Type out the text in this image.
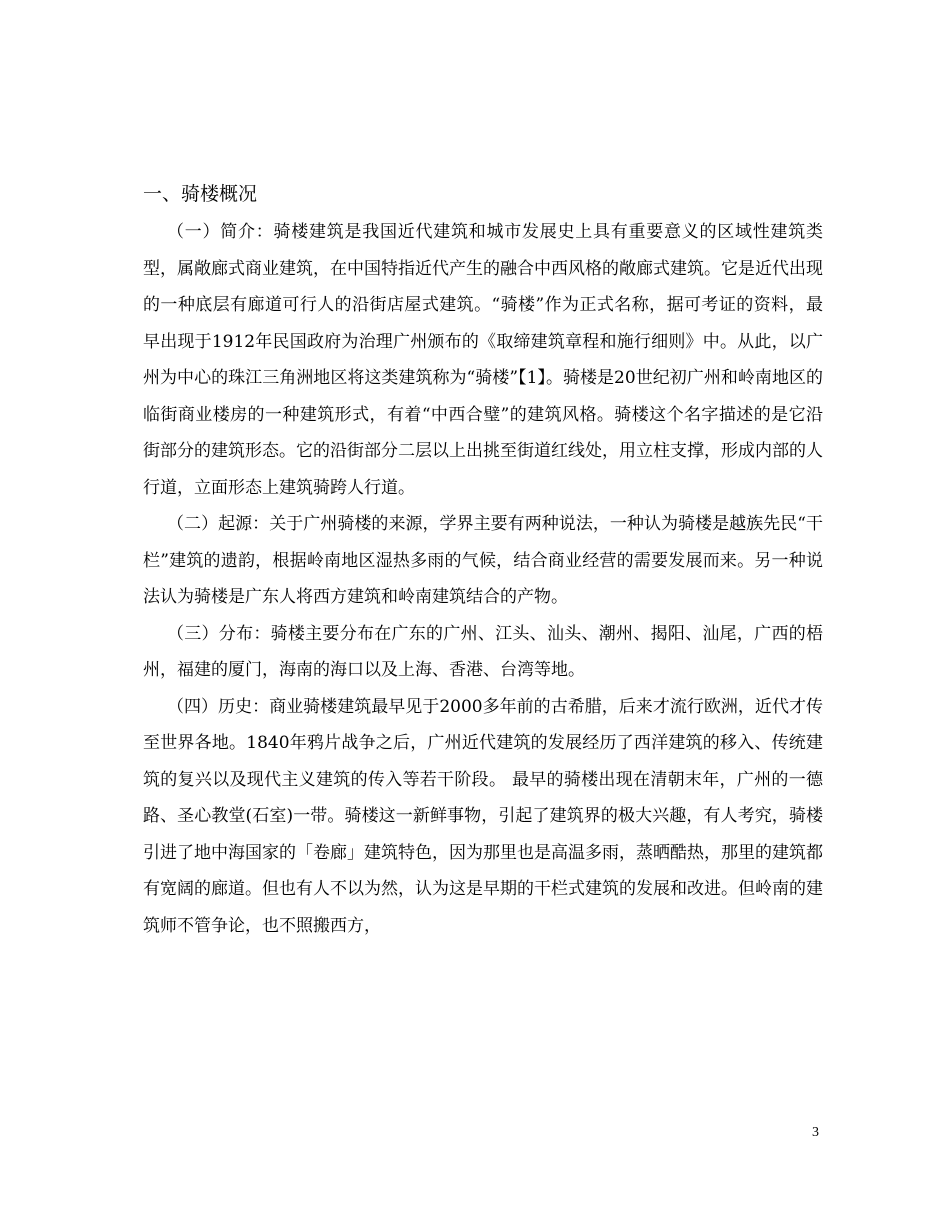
一、骑楼概况

（一）简介：骑楼建筑是我国近代建筑和城市发展史上具有重要意义的区域性建筑类型，属敞廊式商业建筑，在中国特指近代产生的融合中西风格的敞廊式建筑。它是近代出现的一种底层有廊道可行人的沿街店屋式建筑。“骑楼”作为正式名称，据可考证的资料，最早出现于1912年民国政府为治理广州颁布的《取缔建筑章程和施行细则》中。从此，以广州为中心的珠江三角洲地区将这类建筑称为“骑楼”【1】。骑楼是20世纪初广州和岭南地区的临街商业楼房的一种建筑形式，有着“中西合璧”的建筑风格。骑楼这个名字描述的是它沿街部分的建筑形态。它的沿街部分二层以上出挑至街道红线处，用立柱支撑，形成内部的人行道，立面形态上建筑骑跨人行道。

（二）起源：关于广州骑楼的来源，学界主要有两种说法，一种认为骑楼是越族先民“干栏”建筑的遗韵，根据岭南地区湿热多雨的气候，结合商业经营的需要发展而来。另一种说法认为骑楼是广东人将西方建筑和岭南建筑结合的产物。

（三）分布：骑楼主要分布在广东的广州、江头、汕头、潮州、揭阳、汕尾，广西的梧州，福建的厦门，海南的海口以及上海、香港、台湾等地。

（四）历史：商业骑楼建筑最早见于2000多年前的古希腊，后来才流行欧洲，近代才传至世界各地。1840年鸦片战争之后，广州近代建筑的发展经历了西洋建筑的移入、传统建筑的复兴以及现代主义建筑的传入等若干阶段。 最早的骑楼出现在清朝末年，广州的一德路、圣心教堂(石室)一带。骑楼这一新鲜事物，引起了建筑界的极大兴趣，有人考究，骑楼引进了地中海国家的「卷廊」建筑特色，因为那里也是高温多雨，蒸晒酷热，那里的建筑都有宽阔的廊道。但也有人不以为然，认为这是早期的干栏式建筑的发展和改进。但岭南的建筑师不管争论，也不照搬西方，

3
